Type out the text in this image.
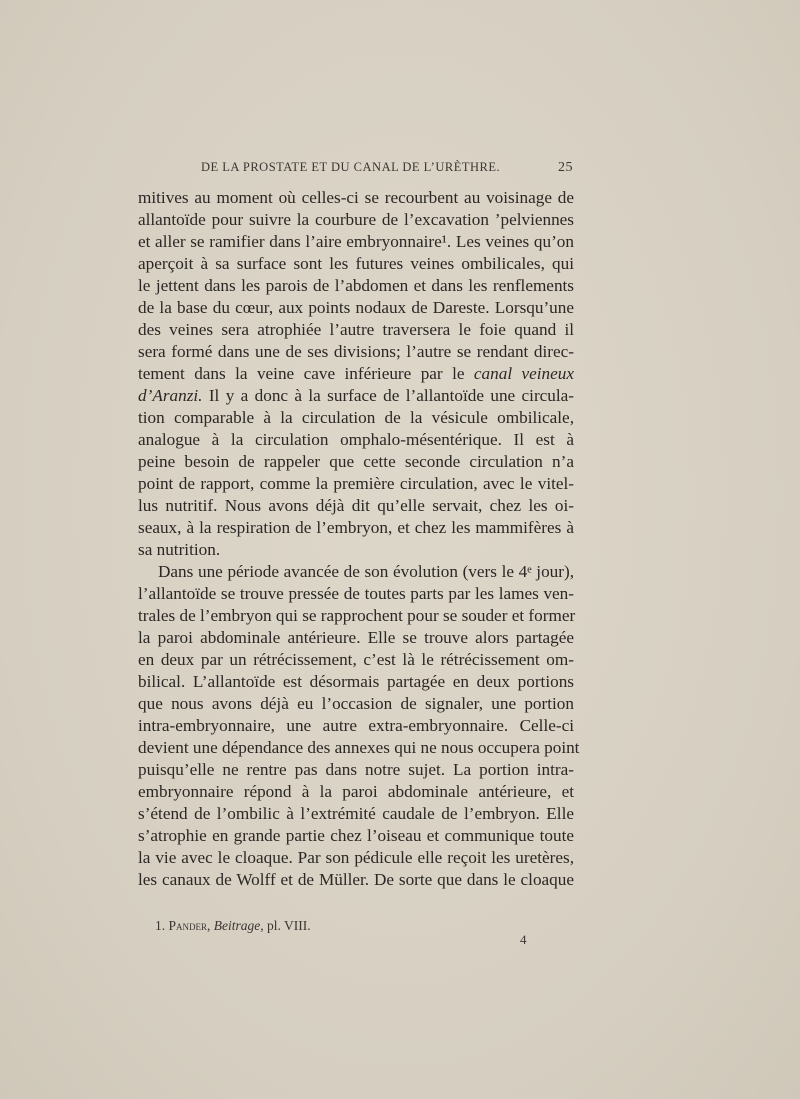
DE LA PROSTATE ET DU CANAL DE L’URÈTHRE.	25
mitives au moment où celles-ci se recourbent au voisinage de
allantoïde pour suivre la courbure de l’excavation ’pelviennes
et aller se ramifier dans l’aire embryonnaire¹. Les veines qu’on
aperçoit à sa surface sont les futures veines ombilicales, qui
le jettent dans les parois de l’abdomen et dans les renflements
de la base du cœur, aux points nodaux de Dareste. Lorsqu’une
des veines sera atrophiée l’autre traversera le foie quand il
sera formé dans une de ses divisions; l’autre se rendant direc-
tement dans la veine cave inférieure par le canal veineux
d’Aranzi. Il y a donc à la surface de l’allantoïde une circula-
tion comparable à la circulation de la vésicule ombilicale,
analogue à la circulation omphalo-mésentérique. Il est à
peine besoin de rappeler que cette seconde circulation n’a
point de rapport, comme la première circulation, avec le vitel-
lus nutritif. Nous avons déjà dit qu’elle servait, chez les oi-
seaux, à la respiration de l’embryon, et chez les mammifères à
sa nutrition.
Dans une période avancée de son évolution (vers le 4ᵉ jour),
l’allantoïde se trouve pressée de toutes parts par les lames ven-
trales de l’embryon qui se rapprochent pour se souder et former
la paroi abdominale antérieure. Elle se trouve alors partagée
en deux par un rétrécissement, c’est là le rétrécissement om-
bilical. L’allantoïde est désormais partagée en deux portions
que nous avons déjà eu l’occasion de signaler, une portion
intra-embryonnaire, une autre extra-embryonnaire. Celle-ci
devient une dépendance des annexes qui ne nous occupera point
puisqu’elle ne rentre pas dans notre sujet. La portion intra-
embryonnaire répond à la paroi abdominale antérieure, et
s’étend de l’ombilic à l’extrémité caudale de l’embryon. Elle
s’atrophie en grande partie chez l’oiseau et communique toute
la vie avec le cloaque. Par son pédicule elle reçoit les uretères,
les canaux de Wolff et de Müller. De sorte que dans le cloaque
1. Pander, Beitrage, pl. VIII.
4
